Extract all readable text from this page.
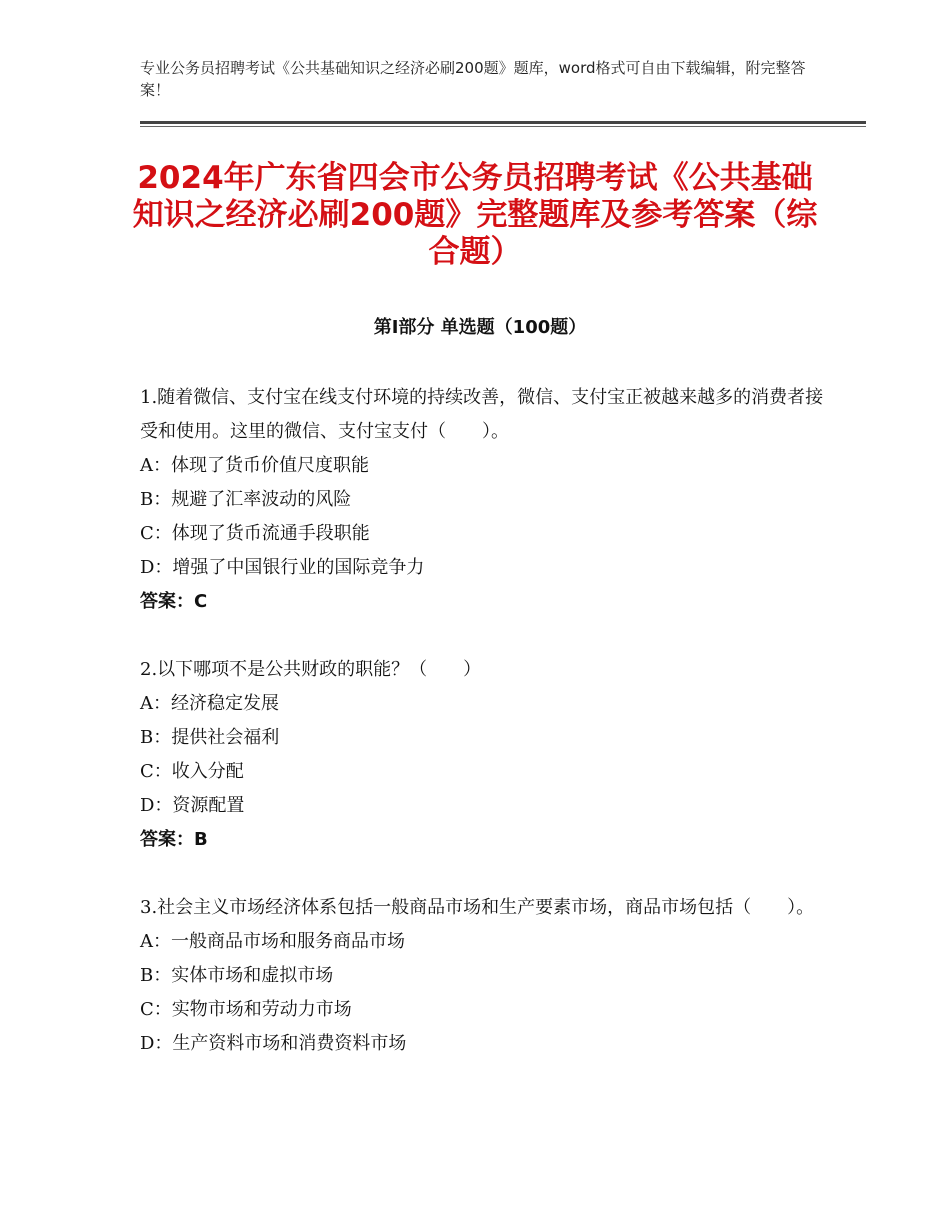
专业公务员招聘考试《公共基础知识之经济必刷200题》题库，word格式可自由下载编辑，附完整答案！
2024年广东省四会市公务员招聘考试《公共基础知识之经济必刷200题》完整题库及参考答案（综合题）
第Ⅰ部分 单选题（100题）
1.随着微信、支付宝在线支付环境的持续改善，微信、支付宝正被越来越多的消费者接受和使用。这里的微信、支付宝支付（　　）。
A：体现了货币价值尺度职能
B：规避了汇率波动的风险
C：体现了货币流通手段职能
D：增强了中国银行业的国际竞争力
答案：C
2.以下哪项不是公共财政的职能？（　　）
A：经济稳定发展
B：提供社会福利
C：收入分配
D：资源配置
答案：B
3.社会主义市场经济体系包括一般商品市场和生产要素市场，商品市场包括（　　）。
A：一般商品市场和服务商品市场
B：实体市场和虚拟市场
C：实物市场和劳动力市场
D：生产资料市场和消费资料市场
